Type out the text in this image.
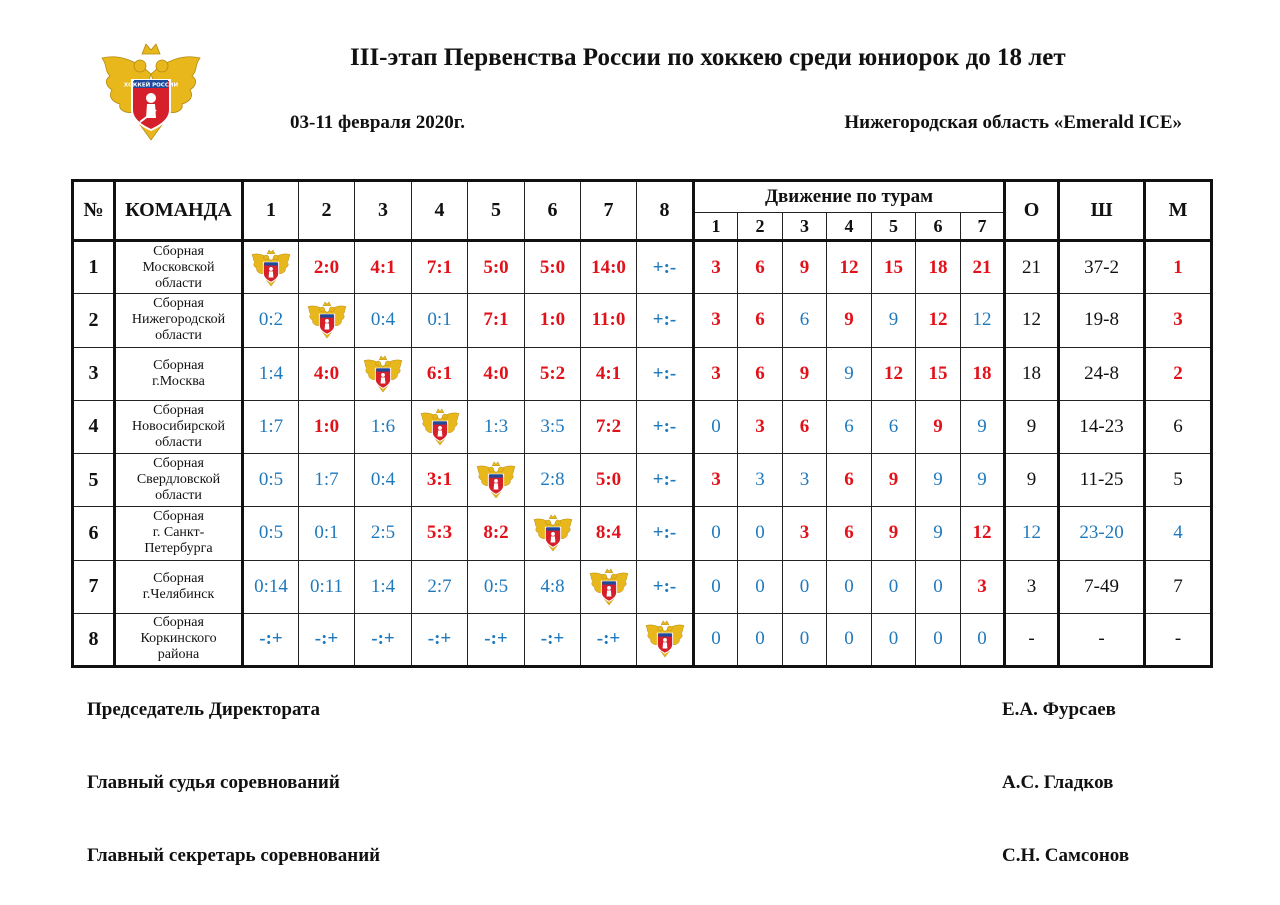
ХОККЕЙ РОССИИ
III-этап Первенства России по хоккею среди юниорок до 18 лет
03-11 февраля 2020г.	Нижегородская область «Emerald ICE»
№	КОМАНДА	1	2	3	4	5	6	7	8	Движение по турам							О	Ш	М
										1	2	3	4	5	6	7			
1	Сборная
Московской
области		2:0	4:1	7:1	5:0	5:0	14:0	+:-	3	6	9	12	15	18	21	21	37-2	1
2	Сборная
Нижегородской
области	0:2		0:4	0:1	7:1	1:0	11:0	+:-	3	6	6	9	9	12	12	12	19-8	3
3	Сборная
г.Москва	1:4	4:0		6:1	4:0	5:2	4:1	+:-	3	6	9	9	12	15	18	18	24-8	2
4	Сборная
Новосибирской
области	1:7	1:0	1:6		1:3	3:5	7:2	+:-	0	3	6	6	6	9	9	9	14-23	6
5	Сборная
Свердловской
области	0:5	1:7	0:4	3:1		2:8	5:0	+:-	3	3	3	6	9	9	9	9	11-25	5
6	Сборная
г. Санкт-
Петербурга	0:5	0:1	2:5	5:3	8:2		8:4	+:-	0	0	3	6	9	9	12	12	23-20	4
7	Сборная
г.Челябинск	0:14	0:11	1:4	2:7	0:5	4:8		+:-	0	0	0	0	0	0	3	3	7-49	7
8	Сборная
Коркинского
района	-:+	-:+	-:+	-:+	-:+	-:+	-:+		0	0	0	0	0	0	0	-	-	-
Председатель Директората	Е.А. Фурсаев
Главный судья соревнований	А.С. Гладков
Главный секретарь соревнований	С.Н. Самсонов
